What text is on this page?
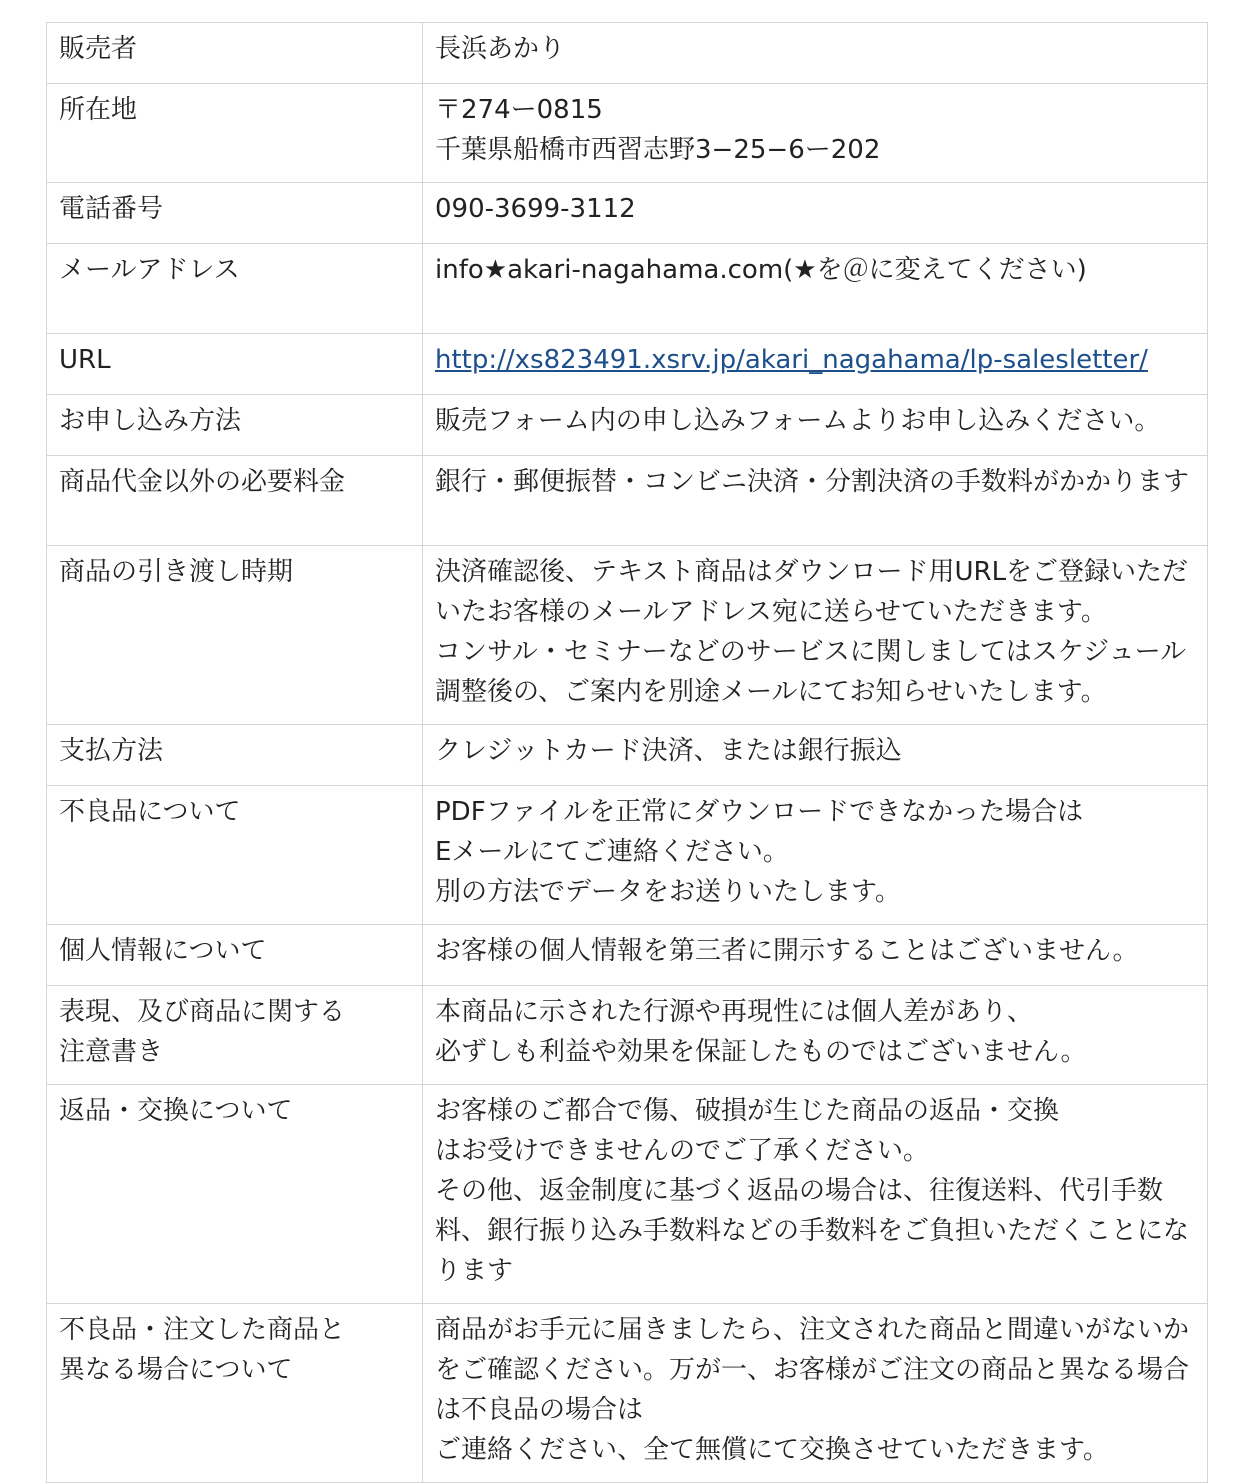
販売者	長浜あかり

所在地	〒274ー0815
千葉県船橋市西習志野3−25−6ー202

電話番号	090-3699-3112

メールアドレス	info★akari-nagahama.com(★を＠に変えてください)

URL	http://xs823491.xsrv.jp/akari_nagahama/lp-salesletter/

お申し込み方法	販売フォーム内の申し込みフォームよりお申し込みください。

商品代金以外の必要料金	銀行・郵便振替・コンビニ決済・分割決済の手数料がかかります

商品の引き渡し時期	決済確認後、テキスト商品はダウンロード用URLをご登録いただいたお客様のメールアドレス宛に送らせていただきます。
コンサル・セミナーなどのサービスに関しましてはスケジュール調整後の、ご案内を別途メールにてお知らせいたします。

支払方法	クレジットカード決済、または銀行振込

不良品について	PDFファイルを正常にダウンロードできなかった場合は
Eメールにてご連絡ください。
別の方法でデータをお送りいたします。

個人情報について	お客様の個人情報を第三者に開示することはございません。

表現、及び商品に関する
注意書き	本商品に示された行源や再現性には個人差があり、
必ずしも利益や効果を保証したものではございません。

返品・交換について	お客様のご都合で傷、破損が生じた商品の返品・交換
はお受けできませんのでご了承ください。
その他、返金制度に基づく返品の場合は、往復送料、代引手数料、銀行振り込み手数料などの手数料をご負担いただくことになります

不良品・注文した商品と
異なる場合について	商品がお手元に届きましたら、注文された商品と間違いがないかをご確認ください。万が一、お客様がご注文の商品と異なる場合は不良品の場合は
ご連絡ください、全て無償にて交換させていただきます。
